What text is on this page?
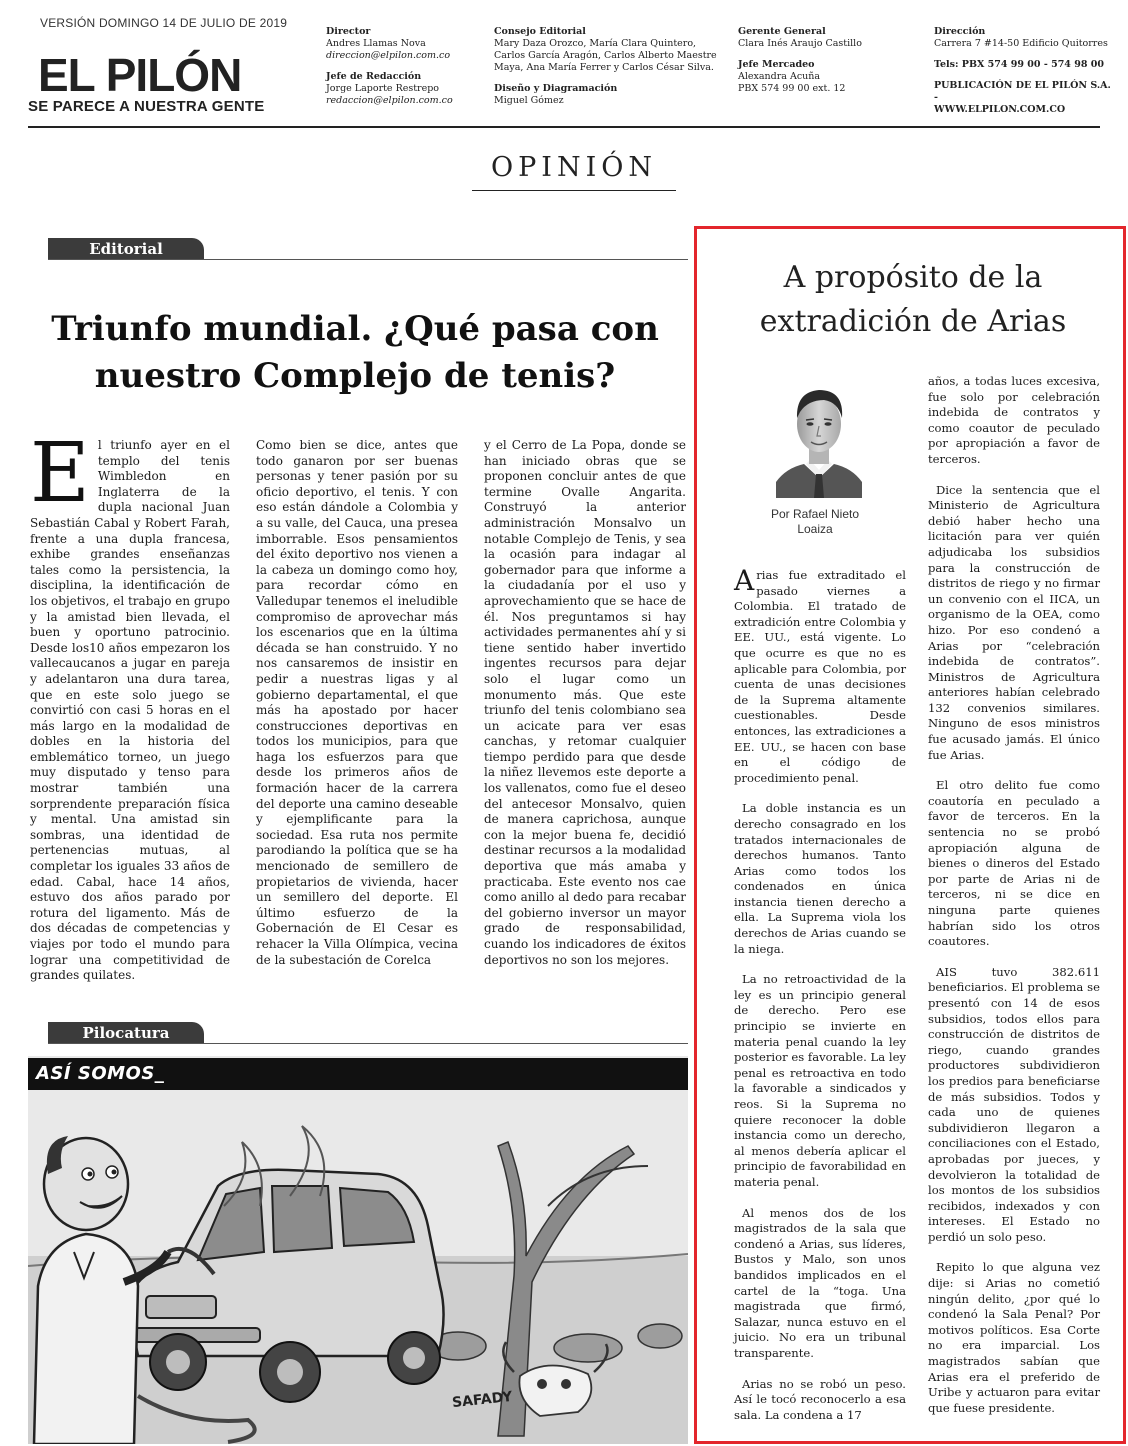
VERSIÓN DOMINGO 14 DE JULIO DE 2019
EL PILÓN
SE PARECE A NUESTRA GENTE
Director
Andres Llamas Nova
direccion@elpilon.com.co
Jefe de Redacción
Jorge Laporte Restrepo
redaccion@elpilon.com.co
Consejo Editorial
Mary Daza Orozco, María Clara Quintero,
Carlos García Aragón, Carlos Alberto Maestre
Maya, Ana María Ferrer y Carlos César Silva.
Diseño y Diagramación
Miguel Gómez
Gerente General
Clara Inés Araujo Castillo
Jefe Mercadeo
Alexandra Acuña
PBX 574 99 00 ext. 12
Dirección
Carrera 7 #14-50 Edificio Quitorres
Tels: PBX 574 99 00 - 574 98 00
PUBLICACIÓN DE EL PILÓN S.A. -
WWW.ELPILON.COM.CO
OPINIÓN
Editorial
Triunfo mundial. ¿Qué pasa con nuestro Complejo de tenis?
E l triunfo ayer en el templo del tenis Wimbledon en Inglaterra de la dupla nacional Juan Sebastián Cabal y Robert Farah, frente a una dupla francesa, exhibe grandes enseñanzas tales como la persistencia, la disciplina, la identificación de los objetivos, el trabajo en grupo y la amistad bien llevada, el buen y oportuno patrocinio. Desde los10 años empezaron los vallecaucanos a jugar en pareja y adelantaron una dura tarea, que en este solo juego se convirtió con casi 5 horas en el más largo en la modalidad de dobles en la historia del emblemático torneo, un juego muy disputado y tenso para mostrar también una sorprendente preparación física y mental. Una amistad sin sombras, una identidad de pertenencias mutuas, al completar los iguales 33 años de edad. Cabal, hace 14 años, estuvo dos años parado por rotura del ligamento. Más de dos décadas de competencias y viajes por todo el mundo para lograr una competitividad de grandes quilates.
Como bien se dice, antes que todo ganaron por ser buenas personas y tener pasión por su oficio deportivo, el tenis. Y con eso están dándole a Colombia y a su valle, del Cauca, una presea imborrable. Esos pensamientos del éxito deportivo nos vienen a la cabeza un domingo como hoy, para recordar cómo en Valledupar tenemos el ineludible compromiso de aprovechar más los escenarios que en la última década se han construido. Y no nos cansaremos de insistir en pedir a nuestras ligas y al gobierno departamental, el que más ha apostado por hacer construcciones deportivas en todos los municipios, para que haga los esfuerzos para que desde los primeros años de formación hacer de la carrera del deporte una camino deseable y ejemplificante para la sociedad. Esa ruta nos permite parodiando la política que se ha mencionado de semillero de propietarios de vivienda, hacer un semillero del deporte. El último esfuerzo de la Gobernación de El Cesar es rehacer la Villa Olímpica, vecina de la subestación de Corelca
y el Cerro de La Popa, donde se han iniciado obras que se proponen concluir antes de que termine Ovalle Angarita. Construyó la anterior administración Monsalvo un notable Complejo de Tenis, y sea la ocasión para indagar al gobernador para que informe a la ciudadanía por el uso y aprovechamiento que se hace de él. Nos preguntamos si hay actividades permanentes ahí y si tiene sentido haber invertido ingentes recursos para dejar solo el lugar como un monumento más. Que este triunfo del tenis colombiano sea un acicate para ver esas canchas, y retomar cualquier tiempo perdido para que desde la niñez llevemos este deporte a los vallenatos, como fue el deseo del antecesor Monsalvo, quien de manera caprichosa, aunque con la mejor buena fe, decidió destinar recursos a la modalidad deportiva que más amaba y practicaba. Este evento nos cae como anillo al dedo para recabar del gobierno inversor un mayor grado de responsabilidad, cuando los indicadores de éxitos deportivos no son los mejores.
A propósito de la
extradición de Arias
Por Rafael Nieto
Loaiza
Arias fue extraditado el pasado viernes a Colombia. El tratado de extradición entre Colombia y EE. UU., está vigente. Lo que ocurre es que no es aplicable para Colombia, por cuenta de unas decisiones de la Suprema altamente cuestionables. Desde entonces, las extradiciones a EE. UU., se hacen con base en el código de procedimiento penal.
La doble instancia es un derecho consagrado en los tratados internacionales de derechos humanos. Tanto Arias como todos los condenados en única instancia tienen derecho a ella. La Suprema viola los derechos de Arias cuando se la niega.
La no retroactividad de la ley es un principio general de derecho. Pero ese principio se invierte en materia penal cuando la ley posterior es favorable. La ley penal es retroactiva en todo la favorable a sindicados y reos. Si la Suprema no quiere reconocer la doble instancia como un derecho, al menos debería aplicar el principio de favorabilidad en materia penal.
Al menos dos de los magistrados de la sala que condenó a Arias, sus líderes, Bustos y Malo, son unos bandidos implicados en el cartel de la “toga. Una magistrada que firmó, Salazar, nunca estuvo en el juicio. No era un tribunal transparente.
Arias no se robó un peso. Así le tocó reconocerlo a esa sala. La condena a 17
años, a todas luces excesiva, fue solo por celebración indebida de contratos y como coautor de peculado por apropiación a favor de terceros.
Dice la sentencia que el Ministerio de Agricultura debió haber hecho una licitación para ver quién adjudicaba los subsidios para la construcción de distritos de riego y no firmar un convenio con el IICA, un organismo de la OEA, como hizo. Por eso condenó a Arias por “celebración indebida de contratos”. Ministros de Agricultura anteriores habían celebrado 132 convenios similares. Ninguno de esos ministros fue acusado jamás. El único fue Arias.
El otro delito fue como coautoría en peculado a favor de terceros. En la sentencia no se probó apropiación alguna de bienes o dineros del Estado por parte de Arias ni de terceros, ni se dice en ninguna parte quienes habrían sido los otros coautores.
AIS tuvo 382.611 beneficiarios. El problema se presentó con 14 de esos subsidios, todos ellos para construcción de distritos de riego, cuando grandes productores subdividieron los predios para beneficiarse de más subsidios. Todos y cada uno de quienes subdividieron llegaron a conciliaciones con el Estado, aprobadas por jueces, y devolvieron la totalidad de los montos de los subsidios recibidos, indexados y con intereses. El Estado no perdió un solo peso.
Repito lo que alguna vez dije: si Arias no cometió ningún delito, ¿por qué lo condenó la Sala Penal? Por motivos políticos. Esa Corte no era imparcial. Los magistrados sabían que Arias era el preferido de Uribe y actuaron para evitar que fuese presidente.
Pilocatura
ASÍ SOMOS_
SAFADY
